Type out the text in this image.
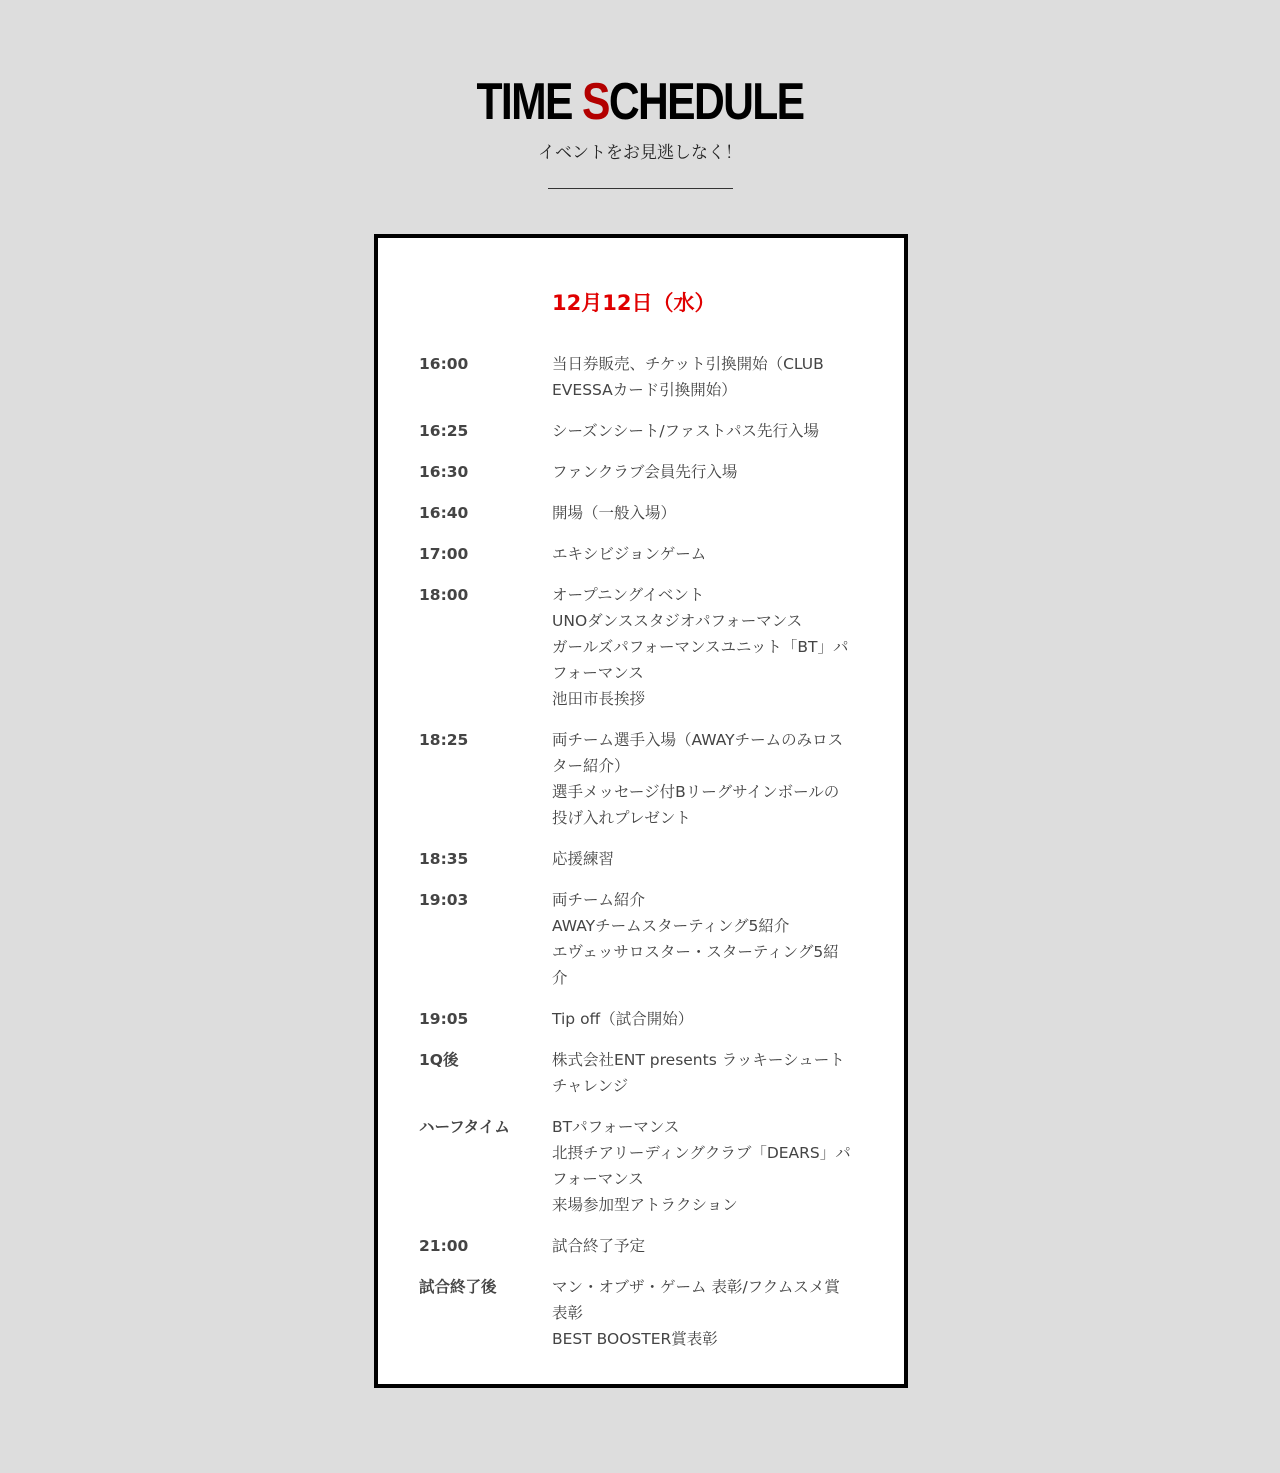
TIME SCHEDULE
イベントをお見逃しなく！
12月12日（水）
16:00	当日券販売、チケット引換開始（CLUB
EVESSAカード引換開始）
16:25	シーズンシート/ファストパス先行入場
16:30	ファンクラブ会員先行入場
16:40	開場（一般入場）
17:00	エキシビジョンゲーム
18:00	オープニングイベント
UNOダンススタジオパフォーマンス
ガールズパフォーマンスユニット「BT」パ
フォーマンス
池田市長挨拶
18:25	両チーム選手入場（AWAYチームのみロス
ター紹介）
選手メッセージ付Bリーグサインボールの
投げ入れプレゼント
18:35	応援練習
19:03	両チーム紹介
AWAYチームスターティング5紹介
エヴェッサロスター・スターティング5紹
介
19:05	Tip off（試合開始）
1Q後	株式会社ENT presents ラッキーシュート
チャレンジ
ハーフタイム	BTパフォーマンス
北摂チアリーディングクラブ「DEARS」パ
フォーマンス
来場参加型アトラクション
21:00	試合終了予定
試合終了後	マン・オブザ・ゲーム 表彰/フクムスメ賞
表彰
BEST BOOSTER賞表彰
